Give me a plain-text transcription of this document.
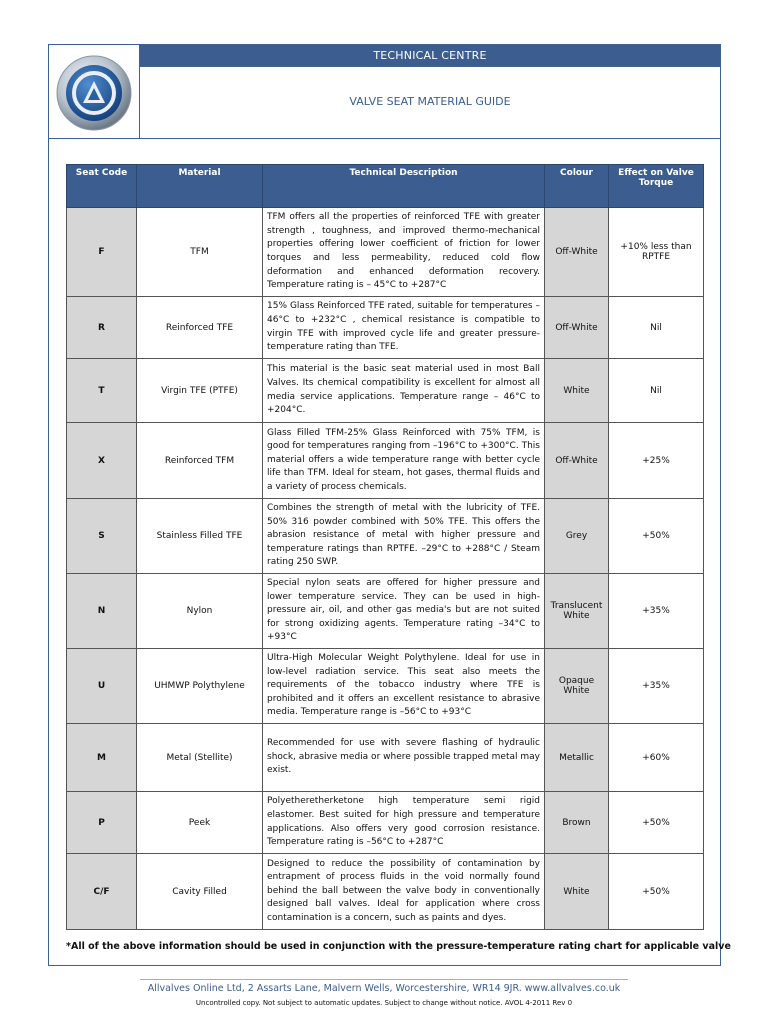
TECHNICAL CENTRE
VALVE SEAT MATERIAL GUIDE
Seat Code	Material	Technical Description	Colour	Effect on Valve Torque
F	TFM	TFM offers all the properties of reinforced TFE with greater strength , toughness, and improved thermo-mechanical properties offering lower coefficient of friction for lower torques and less permeability, reduced cold flow deformation and enhanced deformation recovery. Temperature rating is – 45°C to +287°C	Off-White	+10% less than RPTFE
R	Reinforced TFE	15% Glass Reinforced TFE rated, suitable for temperatures – 46°C to +232°C , chemical resistance is compatible to virgin TFE with improved cycle life and greater pressure-temperature rating than TFE.	Off-White	Nil
T	Virgin TFE (PTFE)	This material is the basic seat material used in most Ball Valves. Its chemical compatibility is excellent for almost all media service applications. Temperature range – 46°C to +204°C.	White	Nil
X	Reinforced TFM	Glass Filled TFM-25% Glass Reinforced with 75% TFM, is good for temperatures ranging from –196°C to +300°C. This material offers a wide temperature range with better cycle life than TFM. Ideal for steam, hot gases, thermal fluids and a variety of process chemicals.	Off-White	+25%
S	Stainless Filled TFE	Combines the strength of metal with the lubricity of TFE. 50% 316 powder combined with 50% TFE. This offers the abrasion resistance of metal with higher pressure and temperature ratings than RPTFE. –29°C to +288°C / Steam rating 250 SWP.	Grey	+50%
N	Nylon	Special nylon seats are offered for higher pressure and lower temperature service. They can be used in high-pressure air, oil, and other gas media's but are not suited for strong oxidizing agents. Temperature rating –34°C to +93°C	Translucent White	+35%
U	UHMWP Polythylene	Ultra-High Molecular Weight Polythylene. Ideal for use in low-level radiation service. This seat also meets the requirements of the tobacco industry where TFE is prohibited and it offers an excellent resistance to abrasive media. Temperature range is –56°C to +93°C	Opaque White	+35%
M	Metal (Stellite)	Recommended for use with severe flashing of hydraulic shock, abrasive media or where possible trapped metal may exist.	Metallic	+60%
P	Peek	Polyetheretherketone high temperature semi rigid elastomer. Best suited for high pressure and temperature applications. Also offers very good corrosion resistance. Temperature rating is –56°C to +287°C	Brown	+50%
C/F	Cavity Filled	Designed to reduce the possibility of contamination by entrapment of process fluids in the void normally found behind the ball between the valve body in conventionally designed ball valves. Ideal for application where cross contamination is a concern, such as paints and dyes.	White	+50%
*All of the above information should be used in conjunction with the pressure-temperature rating chart for applicable valve
Allvalves Online Ltd, 2 Assarts Lane, Malvern Wells, Worcestershire, WR14 9JR. www.allvalves.co.uk
Uncontrolled copy. Not subject to automatic updates. Subject to change without notice. AVOL 4-2011 Rev 0
